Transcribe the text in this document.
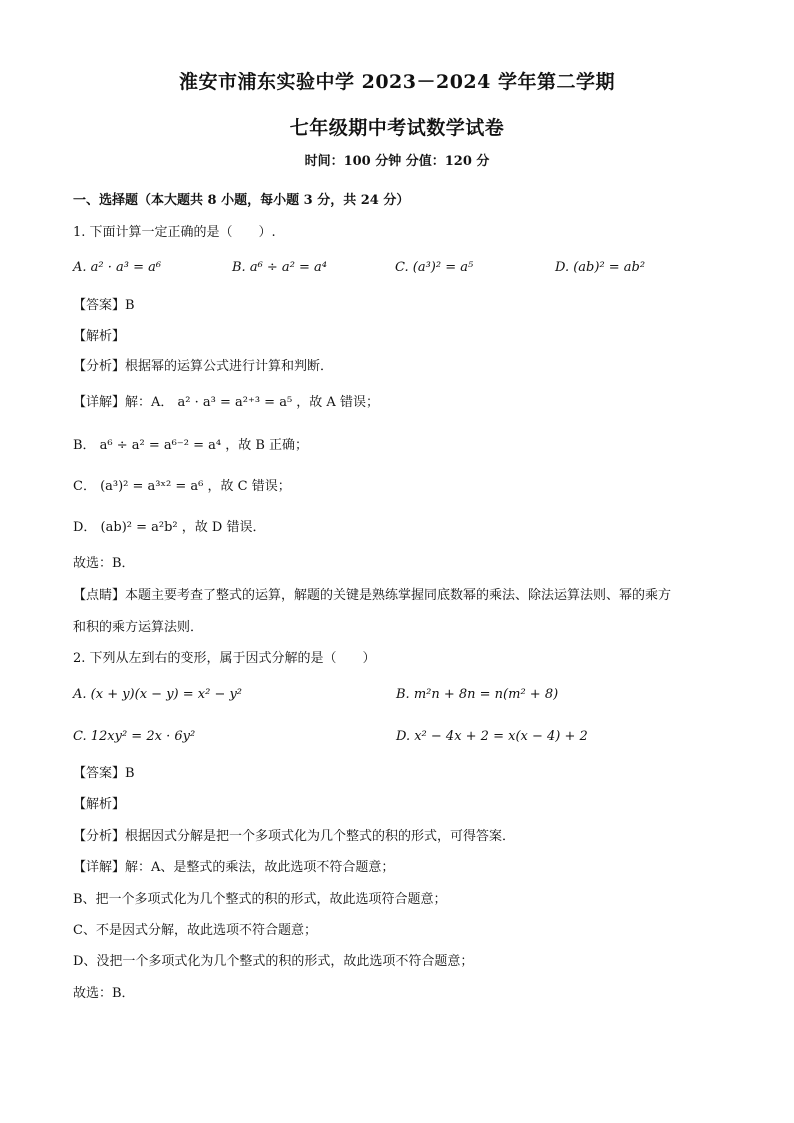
淮安市浦东实验中学 2023－2024 学年第二学期
七年级期中考试数学试卷
时间：100 分钟 分值：120 分
一、选择题（本大题共 8 小题，每小题 3 分，共 24 分）
1. 下面计算一定正确的是（　　）.
A. a² · a³ = a⁶	B. a⁶ ÷ a² = a⁴	C. (a³)² = a⁵	D. (ab)² = ab²
【答案】B
【解析】
【分析】根据幂的运算公式进行计算和判断．
【详解】解：A． a² · a³ = a²⁺³ = a⁵ ，故 A 错误；
B． a⁶ ÷ a² = a⁶⁻² = a⁴ ，故 B 正确；
C． (a³)² = a³ˣ² = a⁶ ，故 C 错误；
D． (ab)² = a²b² ，故 D 错误．
故选：B．
【点睛】本题主要考查了整式的运算，解题的关键是熟练掌握同底数幂的乘法、除法运算法则、幂的乘方
和积的乘方运算法则．
2. 下列从左到右的变形，属于因式分解的是（　　）
A. (x + y)(x − y) = x² − y²	B. m²n + 8n = n(m² + 8)
C. 12xy² = 2x · 6y²	D. x² − 4x + 2 = x(x − 4) + 2
【答案】B
【解析】
【分析】根据因式分解是把一个多项式化为几个整式的积的形式，可得答案．
【详解】解：A、是整式的乘法，故此选项不符合题意；
B、把一个多项式化为几个整式的积的形式，故此选项符合题意；
C、不是因式分解，故此选项不符合题意；
D、没把一个多项式化为几个整式的积的形式，故此选项不符合题意；
故选：B．
